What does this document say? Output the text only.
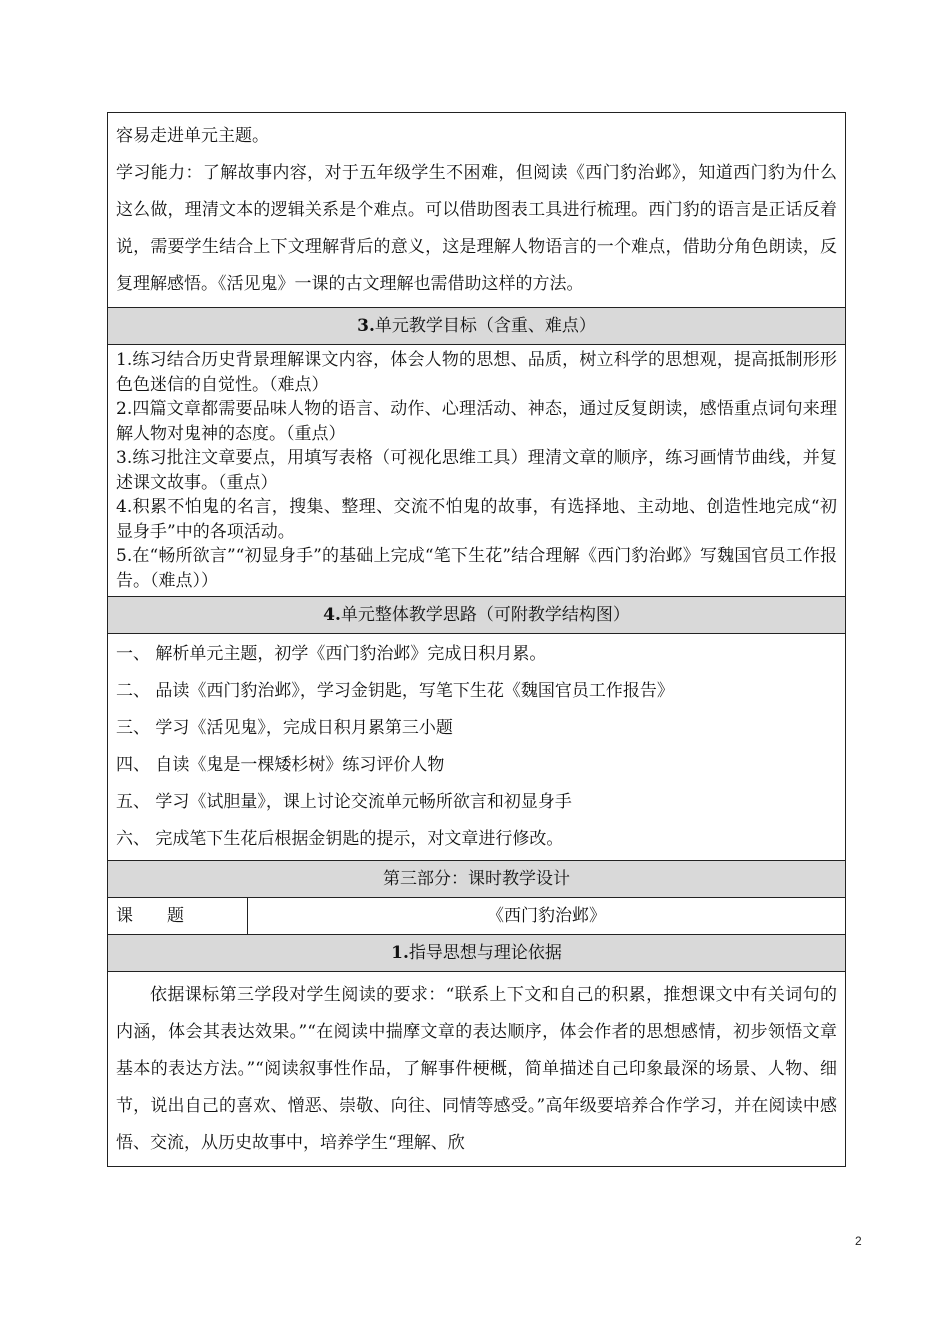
容易走进单元主题。

学习能力：了解故事内容，对于五年级学生不困难，但阅读《西门豹治邺》，知道西门豹为什么这么做，理清文本的逻辑关系是个难点。可以借助图表工具进行梳理。西门豹的语言是正话反着说，需要学生结合上下文理解背后的意义，这是理解人物语言的一个难点，借助分角色朗读，反复理解感悟。《活见鬼》一课的古文理解也需借助这样的方法。

3.单元教学目标（含重、难点）

1.练习结合历史背景理解课文内容，体会人物的思想、品质，树立科学的思想观，提高抵制形形色色迷信的自觉性。（难点）

2.四篇文章都需要品味人物的语言、动作、心理活动、神态，通过反复朗读，感悟重点词句来理解人物对鬼神的态度。（重点）

3.练习批注文章要点，用填写表格（可视化思维工具）理清文章的顺序，练习画情节曲线，并复述课文故事。（重点）

4.积累不怕鬼的名言，搜集、整理、交流不怕鬼的故事，有选择地、主动地、创造性地完成“初显身手”中的各项活动。

5.在“畅所欲言”“初显身手”的基础上完成“笔下生花”结合理解《西门豹治邺》写魏国官员工作报告。（难点））

4.单元整体教学思路（可附教学结构图）

一、 解析单元主题，初学《西门豹治邺》完成日积月累。

二、 品读《西门豹治邺》，学习金钥匙，写笔下生花《魏国官员工作报告》

三、 学习《活见鬼》，完成日积月累第三小题

四、 自读《鬼是一棵矮杉树》练习评价人物

五、 学习《试胆量》，课上讨论交流单元畅所欲言和初显身手

六、 完成笔下生花后根据金钥匙的提示，对文章进行修改。

第三部分：课时教学设计
课 题	《西门豹治邺》
1.指导思想与理论依据

依据课标第三学段对学生阅读的要求：“联系上下文和自己的积累，推想课文中有关词句的内涵，体会其表达效果。”“在阅读中揣摩文章的表达顺序，体会作者的思想感情，初步领悟文章基本的表达方法。”“阅读叙事性作品，了解事件梗概，简单描述自己印象最深的场景、人物、细节，说出自己的喜欢、憎恶、崇敬、向往、同情等感受。”高年级要培养合作学习，并在阅读中感悟、交流，从历史故事中，培养学生“理解、欣

2
